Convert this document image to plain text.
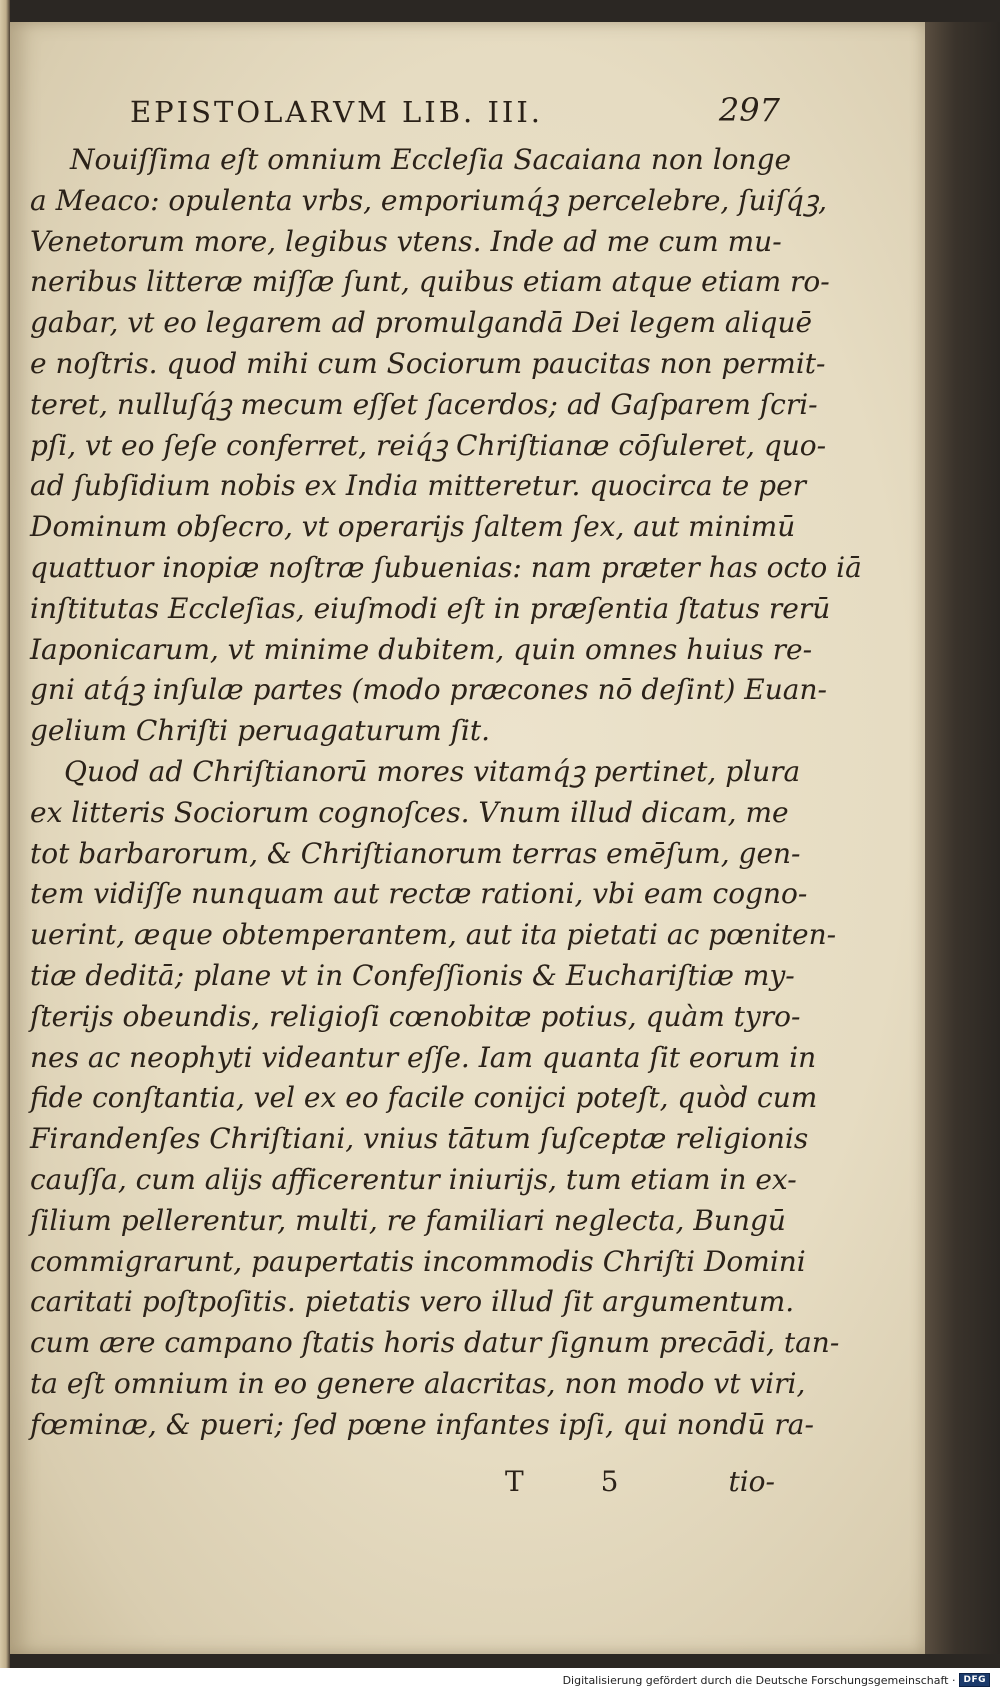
EPISTOLARVM LIB. III.	297
Nouiſſima eſt omnium Eccleſia Sacaiana non longe
a Meaco: opulenta vrbs, emporiumq́ꝫ percelebre, ſuiſq́ꝫ,
Venetorum more, legibus vtens. Inde ad me cum mu-
neribus litteræ miſſæ ſunt, quibus etiam atque etiam ro-
gabar, vt eo legarem ad promulgandā Dei legem aliquē
e noſtris. quod mihi cum Sociorum paucitas non permit-
teret, nulluſq́ꝫ mecum eſſet ſacerdos; ad Gaſparem ſcri-
pſi, vt eo ſeſe conferret, reiq́ꝫ Chriſtianæ cōſuleret, quo-
ad ſubſidium nobis ex India mitteretur. quocirca te per
Dominum obſecro, vt operarijs ſaltem ſex, aut minimū
quattuor inopiæ noſtræ ſubuenias: nam præter has octo iā
inſtitutas Eccleſias, eiuſmodi eſt in præſentia ſtatus rerū
Iaponicarum, vt minime dubitem, quin omnes huius re-
gni atq́ꝫ inſulæ partes (modo præcones nō deſint) Euan-
gelium Chriſti peruagaturum ſit.
Quod ad Chriſtianorū mores vitamq́ꝫ pertinet, plura
ex litteris Sociorum cognoſces. Vnum illud dicam, me
tot barbarorum, & Chriſtianorum terras emēſum, gen-
tem vidiſſe nunquam aut rectæ rationi, vbi eam cogno-
uerint, æque obtemperantem, aut ita pietati ac pœniten-
tiæ deditā; plane vt in Confeſſionis & Euchariſtiæ my-
ſterijs obeundis, religioſi cœnobitæ potius, quàm tyro-
nes ac neophyti videantur eſſe. Iam quanta ſit eorum in
fide conſtantia, vel ex eo facile conijci poteſt, quòd cum
Firandenſes Chriſtiani, vnius tātum ſuſceptæ religionis
cauſſa, cum alijs afficerentur iniurijs, tum etiam in ex-
ſilium pellerentur, multi, re familiari neglecta, Bungū
commigrarunt, paupertatis incommodis Chriſti Domini
caritati poſtpoſitis. pietatis vero illud ſit argumentum.
cum ære campano ſtatis horis datur ſignum precādi, tan-
ta eſt omnium in eo genere alacritas, non modo vt viri,
fœminæ, & pueri; ſed pœne infantes ipſi, qui nondū ra-
T 5	tio-
Digitalisierung gefördert durch die Deutsche Forschungsgemeinschaft · DFG
